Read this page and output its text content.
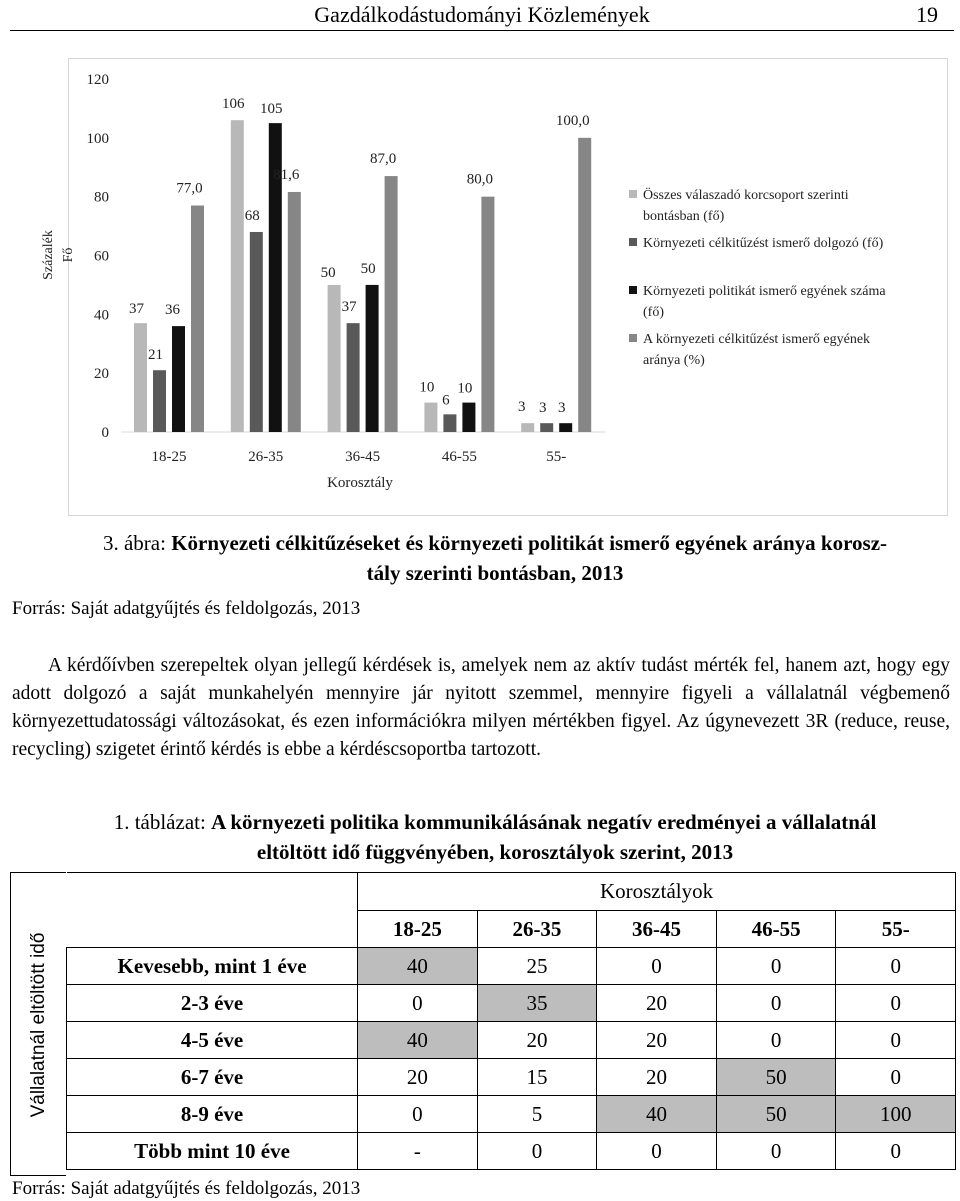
Gazdálkodástudományi Közlemények	19
0
20
40
60
80
100
120
Százalék Fő
18-25	26-35	36-45	46-55	55-
37
21
36
77,0
106
68
105
81,6
50
37
50
87,0
10
6
10
80,0
3 3 3
100,0
Korosztály
Összes válaszadó korcsoport szerinti
bontásban (fő)
Környezeti célkitűzést ismerő dolgozó (fő)
Környezeti politikát ismerő egyének száma
(fő)
A környezeti célkitűzést ismerő egyének
aránya (%)
3. ábra: Környezeti célkitűzéseket és környezeti politikát ismerő egyének aránya korosz-
tály szerinti bontásban, 2013
Forrás: Saját adatgyűjtés és feldolgozás, 2013
A kérdőívben szerepeltek olyan jellegű kérdések is, amelyek nem az aktív tudást mérték fel, hanem azt, hogy egy adott dolgozó a saját munkahelyén mennyire jár nyitott szemmel, mennyire figyeli a vállalatnál végbemenő környezettudatossági változásokat, és ezen információkra milyen mértékben figyel. Az úgynevezett 3R (reduce, reuse, recycling) szigetet érintő kérdés is ebbe a kérdéscsoportba tartozott.
1. táblázat: A környezeti politika kommunikálásának negatív eredményei a vállalatnál
eltöltött idő függvényében, korosztályok szerint, 2013
Vállalatnál eltöltött idő
	Korosztályok				
	18-25	26-35	36-45	46-55	55-
Kevesebb, mint 1 éve	40	25	0	0	0
2-3 éve	0	35	20	0	0
4-5 éve	40	20	20	0	0
6-7 éve	20	15	20	50	0
8-9 éve	0	5	40	50	100
Több mint 10 éve	-	0	0	0	0
Forrás: Saját adatgyűjtés és feldolgozás, 2013
